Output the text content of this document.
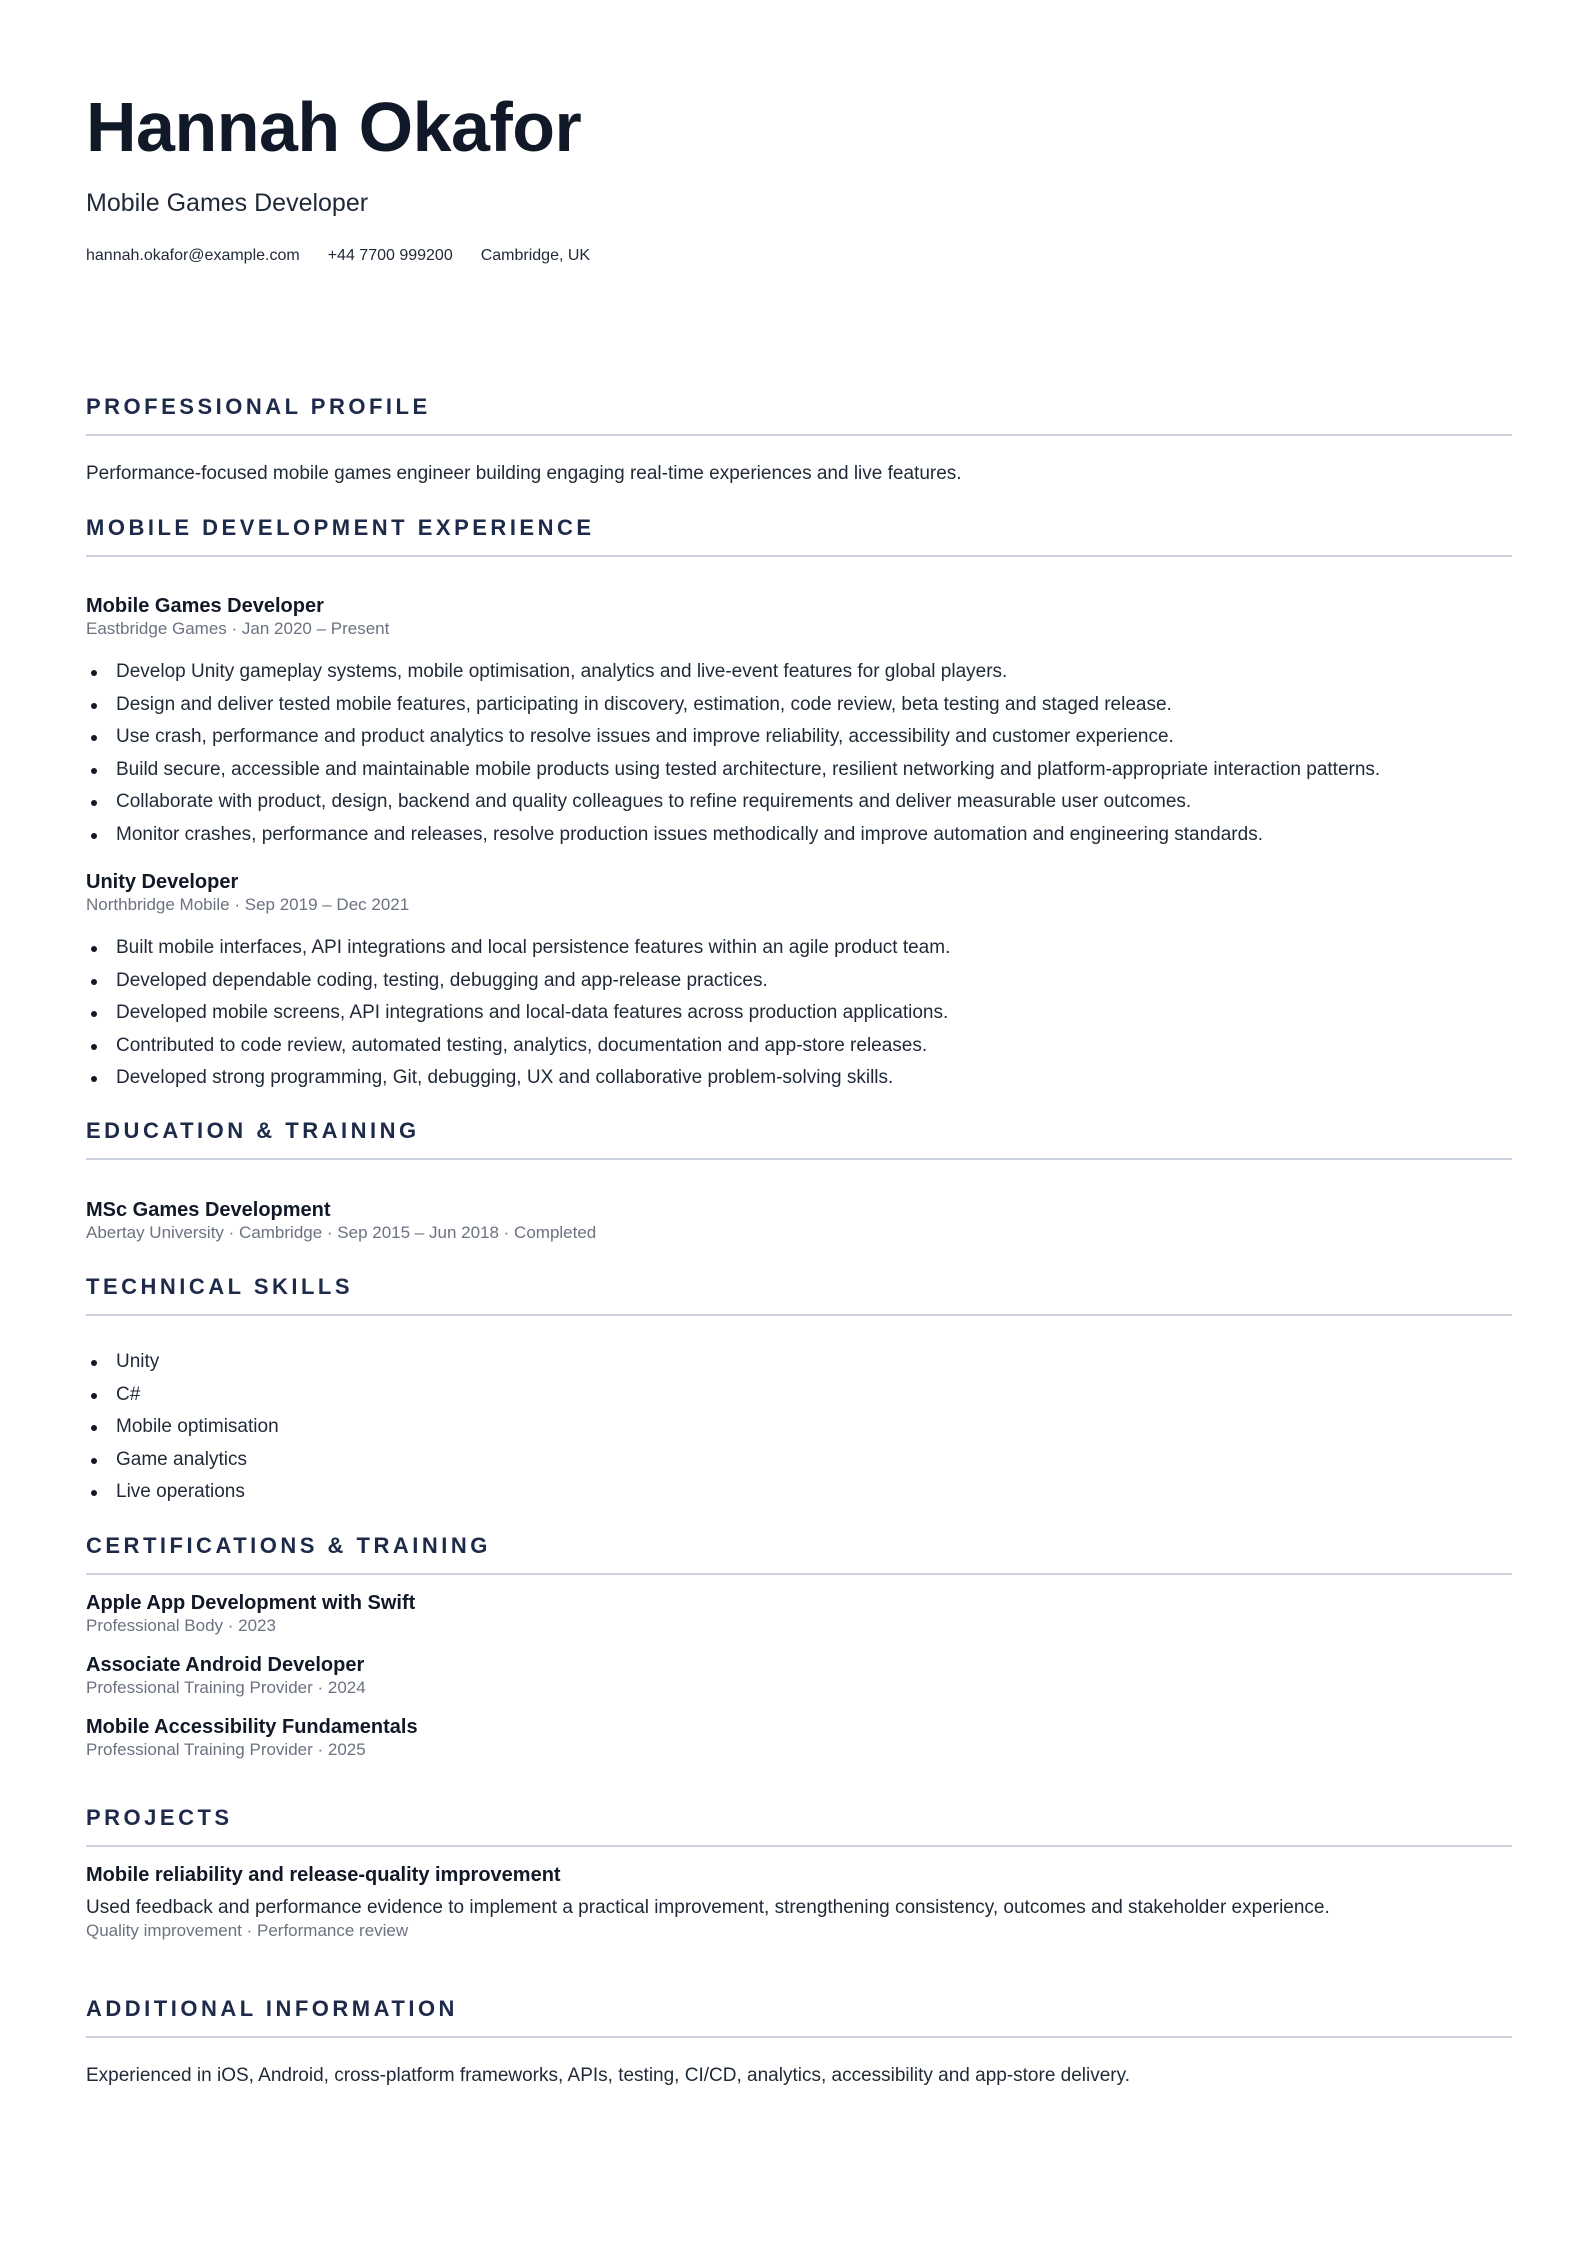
Hannah Okafor
Mobile Games Developer
hannah.okafor@example.com +44 7700 999200 Cambridge, UK
PROFESSIONAL PROFILE
Performance-focused mobile games engineer building engaging real-time experiences and live features.
MOBILE DEVELOPMENT EXPERIENCE
Mobile Games Developer
Eastbridge Games · Jan 2020 – Present
Develop Unity gameplay systems, mobile optimisation, analytics and live-event features for global players.
Design and deliver tested mobile features, participating in discovery, estimation, code review, beta testing and staged release.
Use crash, performance and product analytics to resolve issues and improve reliability, accessibility and customer experience.
Build secure, accessible and maintainable mobile products using tested architecture, resilient networking and platform-appropriate interaction patterns.
Collaborate with product, design, backend and quality colleagues to refine requirements and deliver measurable user outcomes.
Monitor crashes, performance and releases, resolve production issues methodically and improve automation and engineering standards.
Unity Developer
Northbridge Mobile · Sep 2019 – Dec 2021
Built mobile interfaces, API integrations and local persistence features within an agile product team.
Developed dependable coding, testing, debugging and app-release practices.
Developed mobile screens, API integrations and local-data features across production applications.
Contributed to code review, automated testing, analytics, documentation and app-store releases.
Developed strong programming, Git, debugging, UX and collaborative problem-solving skills.
EDUCATION & TRAINING
MSc Games Development
Abertay University · Cambridge · Sep 2015 – Jun 2018 · Completed
TECHNICAL SKILLS
Unity
C#
Mobile optimisation
Game analytics
Live operations
CERTIFICATIONS & TRAINING
Apple App Development with Swift
Professional Body · 2023
Associate Android Developer
Professional Training Provider · 2024
Mobile Accessibility Fundamentals
Professional Training Provider · 2025
PROJECTS
Mobile reliability and release-quality improvement
Used feedback and performance evidence to implement a practical improvement, strengthening consistency, outcomes and stakeholder experience.
Quality improvement · Performance review
ADDITIONAL INFORMATION
Experienced in iOS, Android, cross-platform frameworks, APIs, testing, CI/CD, analytics, accessibility and app-store delivery.
